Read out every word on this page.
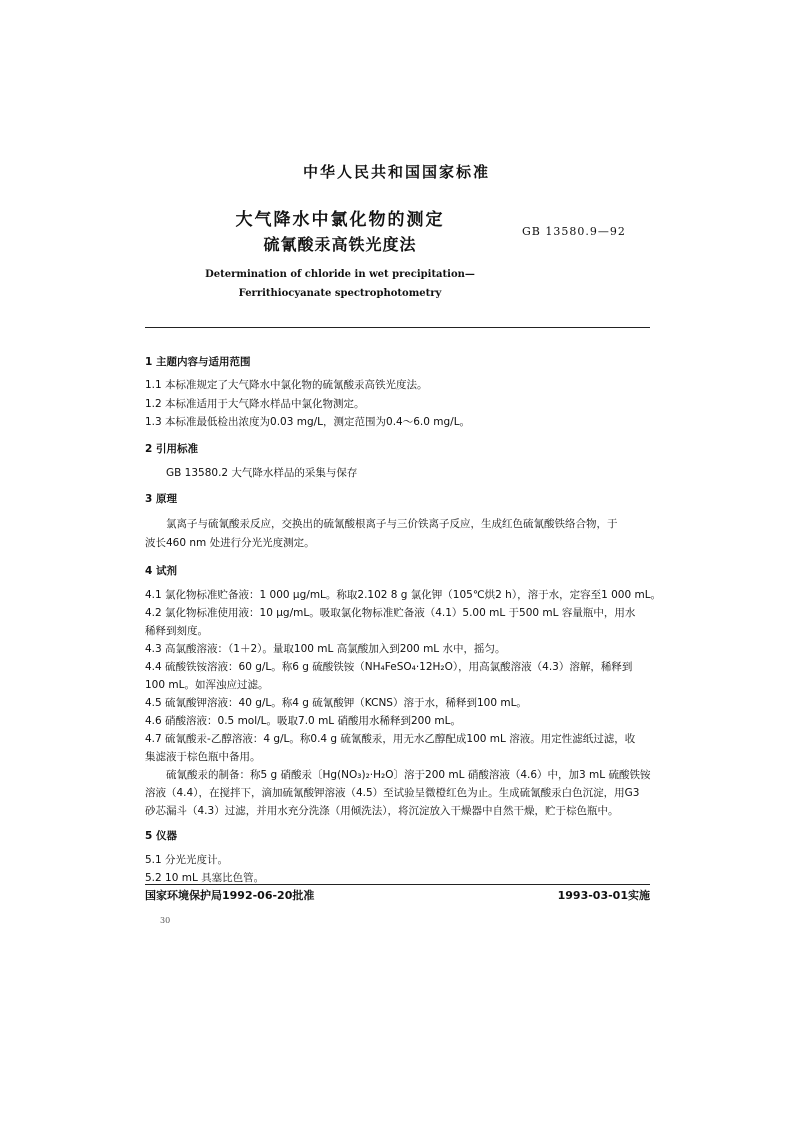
中华人民共和国国家标准
大气降水中氯化物的测定
硫氰酸汞高铁光度法
GB 13580.9—92
Determination of chloride in wet precipitation—
Ferrithiocyanate spectrophotometry
1 主题内容与适用范围
1.1 本标准规定了大气降水中氯化物的硫氰酸汞高铁光度法。
1.2 本标准适用于大气降水样品中氯化物测定。
1.3 本标准最低检出浓度为0.03 mg/L，测定范围为0.4～6.0 mg/L。
2 引用标准
GB 13580.2 大气降水样品的采集与保存
3 原理
氯离子与硫氰酸汞反应，交换出的硫氰酸根离子与三价铁离子反应，生成红色硫氰酸铁络合物，于
波长460 nm 处进行分光光度测定。
4 试剂
4.1 氯化物标准贮备液：1 000 μg/mL。称取2.102 8 g 氯化钾（105℃烘2 h），溶于水，定容至1 000 mL。
4.2 氯化物标准使用液：10 μg/mL。吸取氯化物标准贮备液（4.1）5.00 mL 于500 mL 容量瓶中，用水
稀释到刻度。
4.3 高氯酸溶液：（1＋2）。量取100 mL 高氯酸加入到200 mL 水中，摇匀。
4.4 硫酸铁铵溶液：60 g/L。称6 g 硫酸铁铵（NH₄FeSO₄·12H₂O），用高氯酸溶液（4.3）溶解，稀释到
100 mL。如浑浊应过滤。
4.5 硫氰酸钾溶液：40 g/L。称4 g 硫氰酸钾（KCNS）溶于水，稀释到100 mL。
4.6 硝酸溶液：0.5 mol/L。吸取7.0 mL 硝酸用水稀释到200 mL。
4.7 硫氰酸汞-乙醇溶液：4 g/L。称0.4 g 硫氰酸汞，用无水乙醇配成100 mL 溶液。用定性滤纸过滤，收
集滤液于棕色瓶中备用。
硫氰酸汞的制备：称5 g 硝酸汞〔Hg(NO₃)₂·H₂O〕溶于200 mL 硝酸溶液（4.6）中，加3 mL 硫酸铁铵
溶液（4.4），在搅拌下，滴加硫氰酸钾溶液（4.5）至试验呈微橙红色为止。生成硫氰酸汞白色沉淀，用G3
砂芯漏斗（4.3）过滤，并用水充分洗涤（用倾洗法），将沉淀放入干燥器中自然干燥，贮于棕色瓶中。
5 仪器
5.1 分光光度计。
5.2 10 mL 具塞比色管。
国家环境保护局1992-06-20批准	1993-03-01实施
30
